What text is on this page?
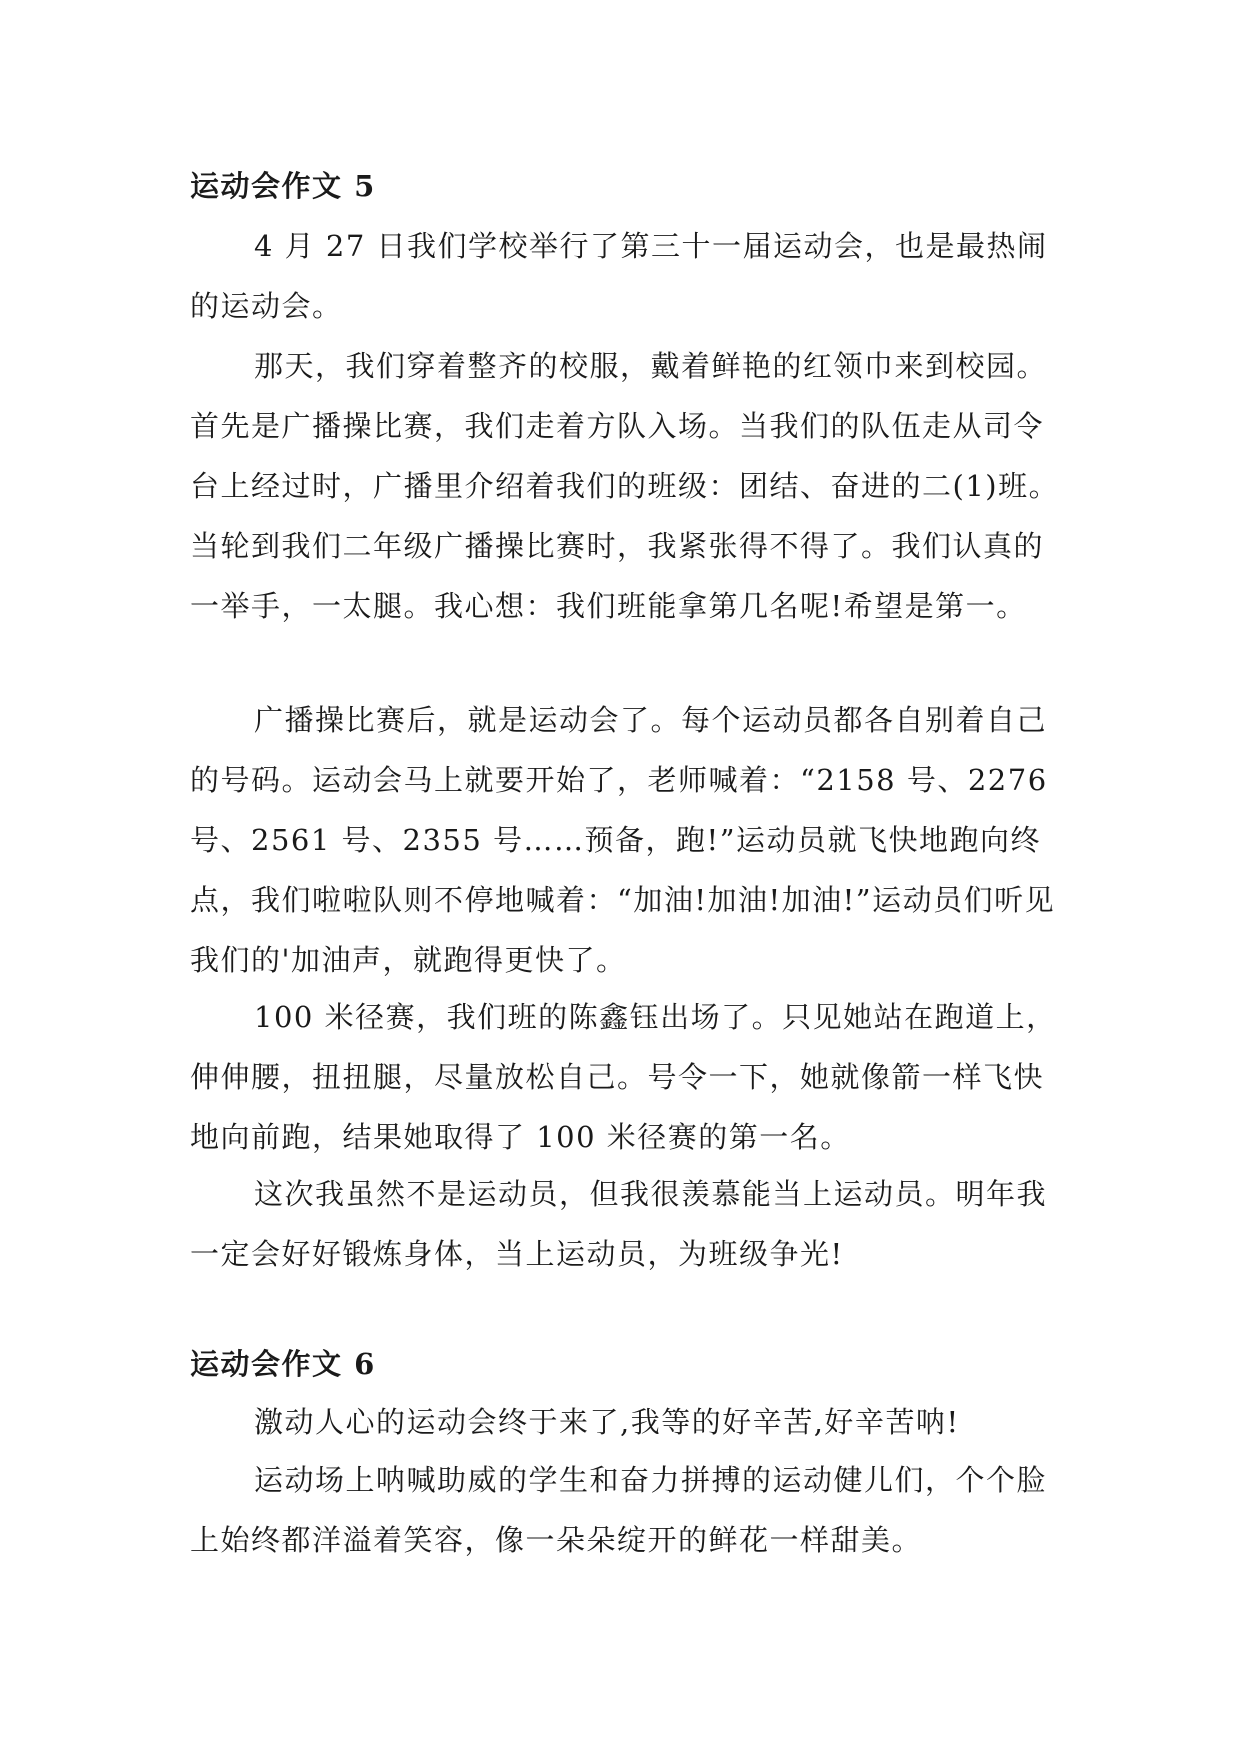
运动会作文 5

4 月 27 日我们学校举行了第三十一届运动会，也是最热闹的运动会。

那天，我们穿着整齐的校服，戴着鲜艳的红领巾来到校园。首先是广播操比赛，我们走着方队入场。当我们的队伍走从司令台上经过时，广播里介绍着我们的班级：团结、奋进的二(1)班。当轮到我们二年级广播操比赛时，我紧张得不得了。我们认真的一举手，一太腿。我心想：我们班能拿第几名呢!希望是第一。

广播操比赛后，就是运动会了。每个运动员都各自别着自己的号码。运动会马上就要开始了，老师喊着：“2158 号、2276 号、2561 号、2355 号……预备，跑!”运动员就飞快地跑向终点，我们啦啦队则不停地喊着：“加油!加油!加油!”运动员们听见我们的'加油声，就跑得更快了。

100 米径赛，我们班的陈鑫钰出场了。只见她站在跑道上，伸伸腰，扭扭腿，尽量放松自己。号令一下，她就像箭一样飞快地向前跑，结果她取得了 100 米径赛的第一名。

这次我虽然不是运动员，但我很羡慕能当上运动员。明年我一定会好好锻炼身体，当上运动员，为班级争光!

运动会作文 6

激动人心的运动会终于来了,我等的好辛苦,好辛苦呐!

运动场上呐喊助威的学生和奋力拼搏的运动健儿们，个个脸上始终都洋溢着笑容，像一朵朵绽开的鲜花一样甜美。
